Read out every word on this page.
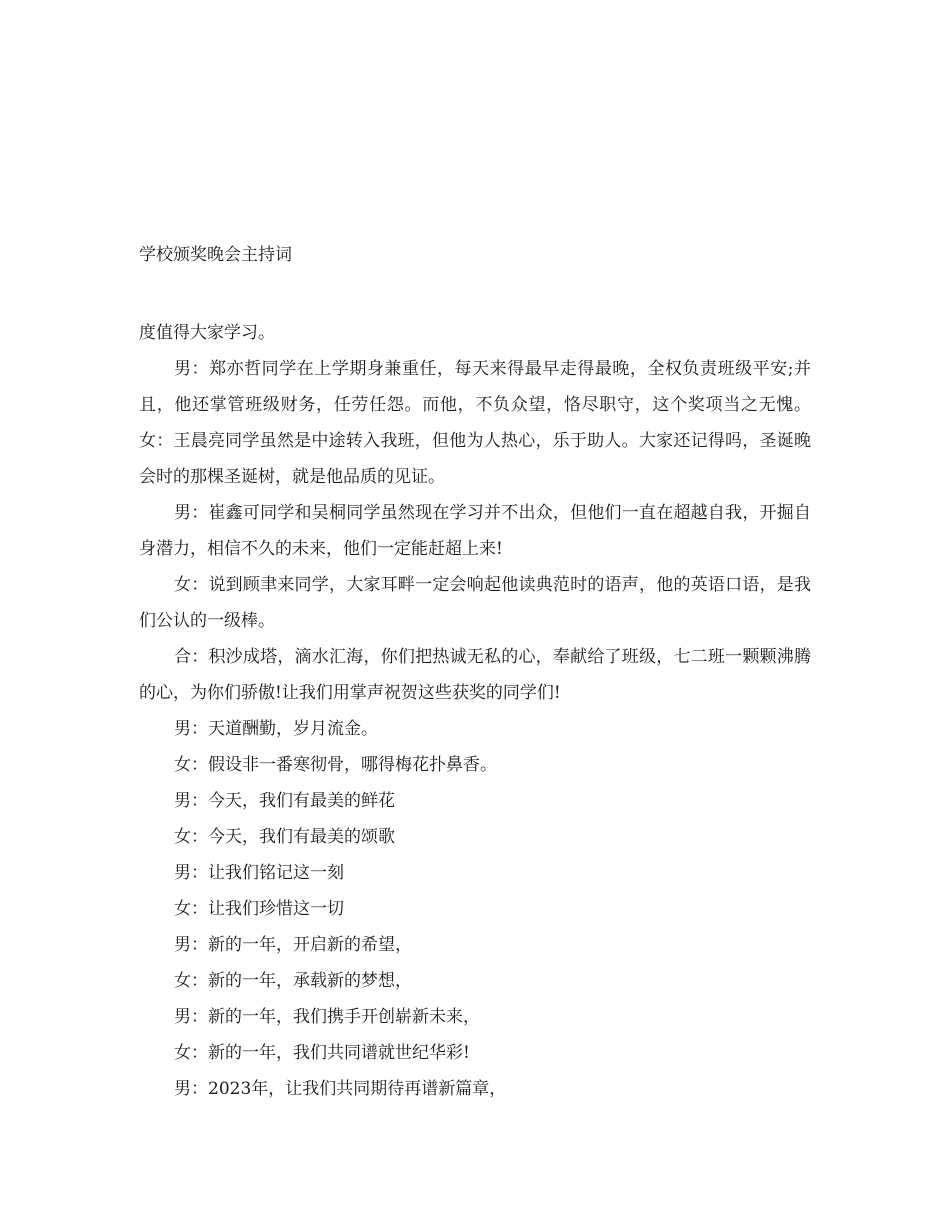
学校颁奖晚会主持词

度值得大家学习。

男：郑亦哲同学在上学期身兼重任，每天来得最早走得最晚，全权负责班级平安;并且，他还掌管班级财务，任劳任怨。而他，不负众望，恪尽职守，这个奖项当之无愧。 女：王晨亮同学虽然是中途转入我班，但他为人热心，乐于助人。大家还记得吗，圣诞晚会时的那棵圣诞树，就是他品质的见证。

男：崔鑫可同学和吴桐同学虽然现在学习并不出众，但他们一直在超越自我，开掘自身潜力，相信不久的未来，他们一定能赶超上来!

女：说到顾聿来同学，大家耳畔一定会响起他读典范时的语声，他的英语口语，是我们公认的一级棒。

合：积沙成塔，滴水汇海，你们把热诚无私的心，奉献给了班级，七二班一颗颗沸腾的心，为你们骄傲!让我们用掌声祝贺这些获奖的同学们!

男：天道酬勤，岁月流金。

女：假设非一番寒彻骨，哪得梅花扑鼻香。

男：今天，我们有最美的鲜花

女：今天，我们有最美的颂歌

男：让我们铭记这一刻

女：让我们珍惜这一切

男：新的一年，开启新的希望，

女：新的一年，承载新的梦想，

男：新的一年，我们携手开创崭新未来，

女：新的一年，我们共同谱就世纪华彩!

男：2023年，让我们共同期待再谱新篇章，
